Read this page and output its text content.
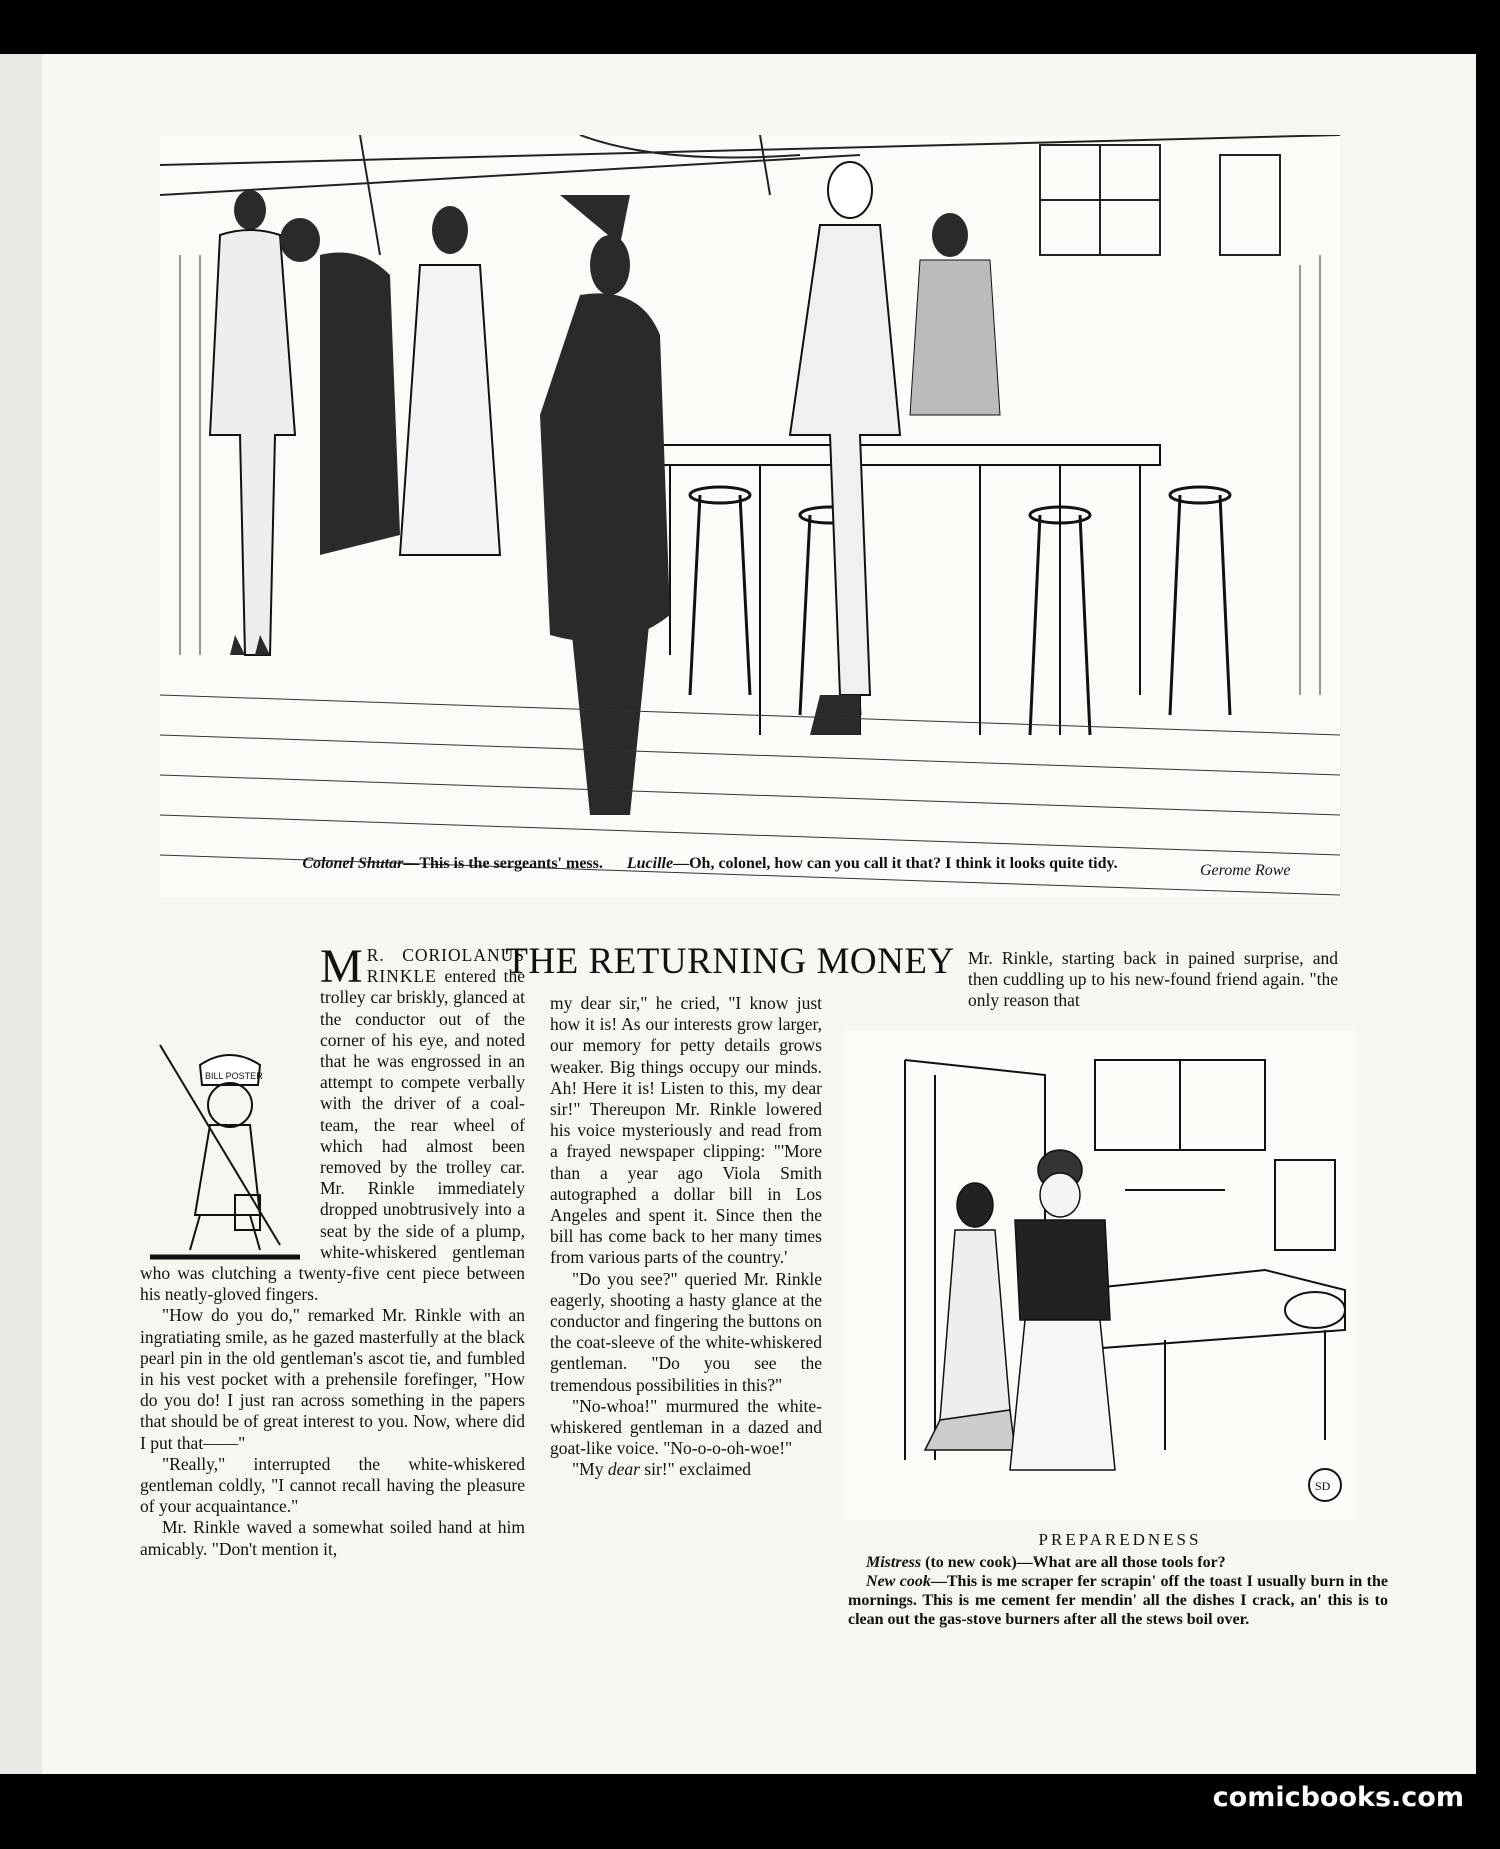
Gerome Rowe
Colonel Shutar—This is the sergeants' mess. Lucille—Oh, colonel, how can you call it that? I think it looks quite tidy.
THE RETURNING MONEY
BILL POSTER

M R. CORIOLANUS RINKLE entered the trolley car briskly, glanced at the conductor out of the corner of his eye, and noted that he was engrossed in an attempt to compete verbally with the driver of a coal-team, the rear wheel of which had almost been removed by the trolley car. Mr. Rinkle immediately dropped unobtrusively into a seat by the side of a plump, white-whiskered gentleman who was clutching a twenty-five cent piece between his neatly-gloved fingers.

"How do you do," remarked Mr. Rinkle with an ingratiating smile, as he gazed masterfully at the black pearl pin in the old gentleman's ascot tie, and fumbled in his vest pocket with a prehensile forefinger, "How do you do! I just ran across something in the papers that should be of great interest to you. Now, where did I put that——"

"Really," interrupted the white-whiskered gentleman coldly, "I cannot recall having the pleasure of your acquaintance."

Mr. Rinkle waved a somewhat soiled hand at him amicably. "Don't mention it,

my dear sir," he cried, "I know just how it is! As our interests grow larger, our memory for petty details grows weaker. Big things occupy our minds. Ah! Here it is! Listen to this, my dear sir!" Thereupon Mr. Rinkle lowered his voice mysteriously and read from a frayed newspaper clipping: "'More than a year ago Viola Smith autographed a dollar bill in Los Angeles and spent it. Since then the bill has come back to her many times from various parts of the country.'

"Do you see?" queried Mr. Rinkle eagerly, shooting a hasty glance at the conductor and fingering the buttons on the coat-sleeve of the white-whiskered gentleman. "Do you see the tremendous possibilities in this?"

"No-whoa!" murmured the white-whiskered gentleman in a dazed and goat-like voice. "No-o-o-oh-woe!"

"My dear sir!" exclaimed

Mr. Rinkle, starting back in pained surprise, and then cuddling up to his new-found friend again. "the only reason that

SD
PREPAREDNESS

Mistress (to new cook)—What are all those tools for?

New cook—This is me scraper fer scrapin' off the toast I usually burn in the mornings. This is me cement fer mendin' all the dishes I crack, an' this is to clean out the gas-stove burners after all the stews boil over.

comicbooks.com
